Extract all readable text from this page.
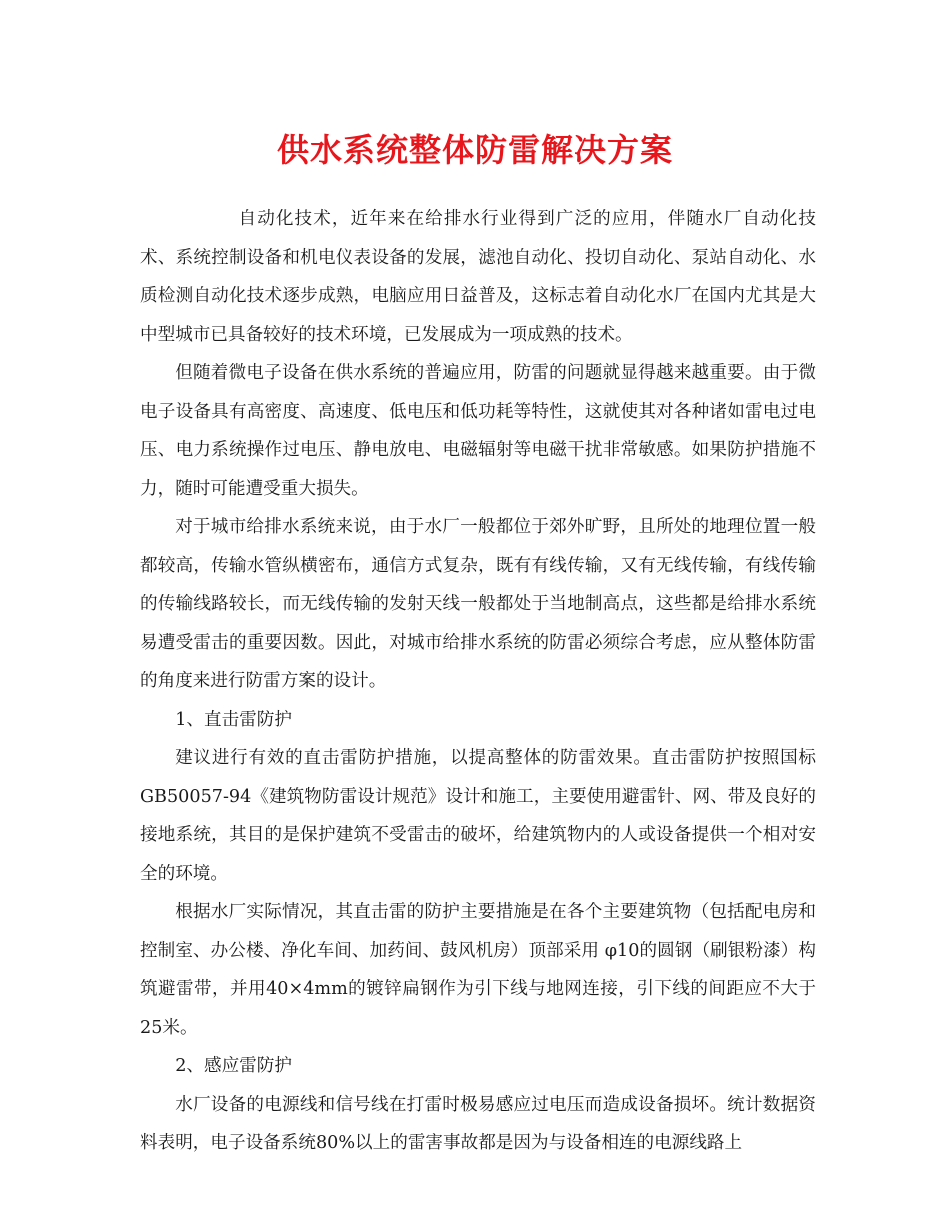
供水系统整体防雷解决方案

自动化技术，近年来在给排水行业得到广泛的应用，伴随水厂自动化技术、系统控制设备和机电仪表设备的发展，滤池自动化、投切自动化、泵站自动化、水质检测自动化技术逐步成熟，电脑应用日益普及，这标志着自动化水厂在国内尤其是大中型城市已具备较好的技术环境，已发展成为一项成熟的技术。

但随着微电子设备在供水系统的普遍应用，防雷的问题就显得越来越重要。由于微电子设备具有高密度、高速度、低电压和低功耗等特性，这就使其对各种诸如雷电过电压、电力系统操作过电压、静电放电、电磁辐射等电磁干扰非常敏感。如果防护措施不力，随时可能遭受重大损失。

对于城市给排水系统来说，由于水厂一般都位于郊外旷野，且所处的地理位置一般都较高，传输水管纵横密布，通信方式复杂，既有有线传输，又有无线传输，有线传输的传输线路较长，而无线传输的发射天线一般都处于当地制高点，这些都是给排水系统易遭受雷击的重要因数。因此，对城市给排水系统的防雷必须综合考虑，应从整体防雷的角度来进行防雷方案的设计。

1、直击雷防护

建议进行有效的直击雷防护措施，以提高整体的防雷效果。直击雷防护按照国标GB50057-94《建筑物防雷设计规范》设计和施工，主要使用避雷针、网、带及良好的接地系统，其目的是保护建筑不受雷击的破坏，给建筑物内的人或设备提供一个相对安全的环境。

根据水厂实际情况，其直击雷的防护主要措施是在各个主要建筑物（包括配电房和控制室、办公楼、净化车间、加药间、鼓风机房）顶部采用 φ10的圆钢（刷银粉漆）构筑避雷带，并用40×4mm的镀锌扁钢作为引下线与地网连接，引下线的间距应不大于25米。

2、感应雷防护

水厂设备的电源线和信号线在打雷时极易感应过电压而造成设备损坏。统计数据资料表明，电子设备系统80%以上的雷害事故都是因为与设备相连的电源线路上
